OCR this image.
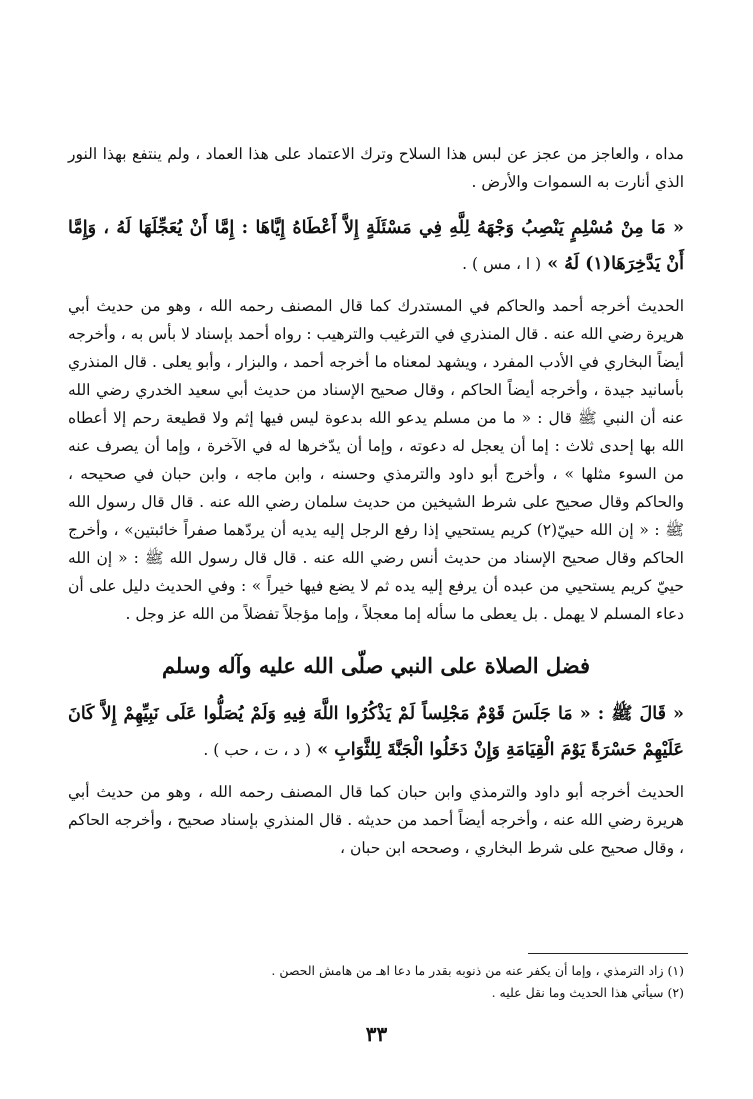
مداه ، والعاجز من عجز عن لبس هذا السلاح وترك الاعتماد على هذا العماد ، ولم ينتفع بهذا النور الذي أنارت به السموات والأرض .

« مَا مِنْ مُسْلِمٍ يَنْصِبُ وَجْهَهُ لِلَّهِ فِي مَسْئَلَةٍ إِلاَّ أَعْطَاهُ إِيَّاهَا : إِمَّا أَنْ يُعَجِّلَهَا لَهُ ، وَإِمَّا أَنْ يَدَّخِرَهَا(١) لَهُ » ( ا ، مس ) .

الحديث أخرجه أحمد والحاكم في المستدرك كما قال المصنف رحمه الله ، وهو من حديث أبي هريرة رضي الله عنه . قال المنذري في الترغيب والترهيب : رواه أحمد بإسناد لا بأس به ، وأخرجه أيضاً البخاري في الأدب المفرد ، ويشهد لمعناه ما أخرجه أحمد ، والبزار ، وأبو يعلى . قال المنذري بأسانيد جيدة ، وأخرجه أيضاً الحاكم ، وقال صحيح الإسناد من حديث أبي سعيد الخدري رضي الله عنه أن النبي ﷺ قال : « ما من مسلم يدعو الله بدعوة ليس فيها إثم ولا قطيعة رحم إلا أعطاه الله بها إحدى ثلاث : إما أن يعجل له دعوته ، وإما أن يدّخرها له في الآخرة ، وإما أن يصرف عنه من السوء مثلها » ، وأخرج أبو داود والترمذي وحسنه ، وابن ماجه ، وابن حبان في صحيحه ، والحاكم وقال صحيح على شرط الشيخين من حديث سلمان رضي الله عنه . قال قال رسول الله ﷺ : « إن الله حييّ(٢) كريم يستحيي إذا رفع الرجل إليه يديه أن يردّهما صفراً خائبتين» ، وأخرج الحاكم وقال صحيح الإسناد من حديث أنس رضي الله عنه . قال قال رسول الله ﷺ : « إن الله حييّ كريم يستحيي من عبده أن يرفع إليه يده ثم لا يضع فيها خيراً » : وفي الحديث دليل على أن دعاء المسلم لا يهمل . بل يعطى ما سأله إما معجلاً ، وإما مؤجلاً تفضلاً من الله عز وجل .

فضل الصلاة على النبي صلّى الله عليه وآله وسلم

« قَالَ ﷺ : « مَا جَلَسَ قَوْمٌ مَجْلِساً لَمْ يَذْكُرُوا اللَّهَ فِيهِ وَلَمْ يُصَلُّوا عَلَى نَبِيِّهِمْ إِلاَّ كَانَ عَلَيْهِمْ حَسْرَةً يَوْمَ الْقِيَامَةِ وَإِنْ دَخَلُوا الْجَنَّةَ لِلثَّوَابِ » ( د ، ت ، حب ) .

الحديث أخرجه أبو داود والترمذي وابن حبان كما قال المصنف رحمه الله ، وهو من حديث أبي هريرة رضي الله عنه ، وأخرجه أيضاً أحمد من حديثه . قال المنذري بإسناد صحيح ، وأخرجه الحاكم ، وقال صحيح على شرط البخاري ، وصححه ابن حبان ،

(١) زاد الترمذي ، وإما أن يكفر عنه من ذنوبه بقدر ما دعا اهـ من هامش الحصن .
(٢) سيأتي هذا الحديث وما نقل عليه .
٣٣
